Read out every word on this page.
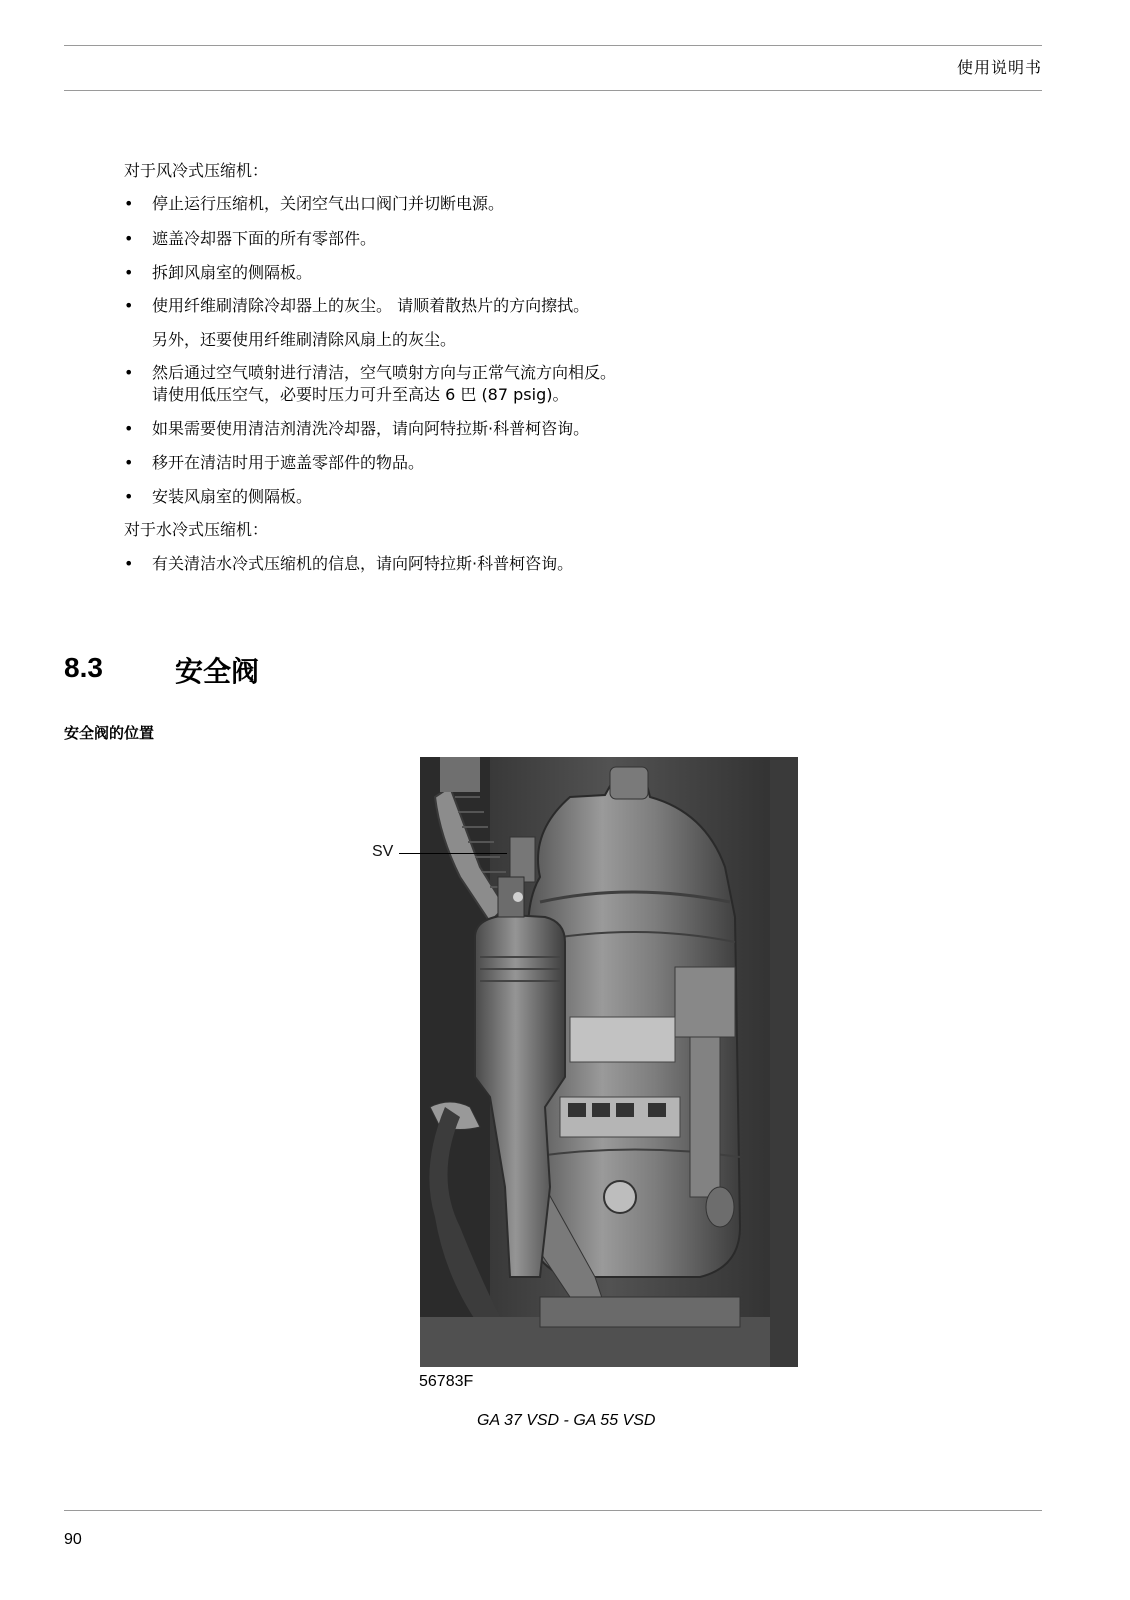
使用说明书
对于风冷式压缩机：
• 停止运行压缩机，关闭空气出口阀门并切断电源。
• 遮盖冷却器下面的所有零部件。
• 拆卸风扇室的侧隔板。
• 使用纤维刷清除冷却器上的灰尘。 请顺着散热片的方向擦拭。
另外，还要使用纤维刷清除风扇上的灰尘。
• 然后通过空气喷射进行清洁，空气喷射方向与正常气流方向相反。
请使用低压空气，必要时压力可升至高达 6 巴 (87 psig)。
• 如果需要使用清洁剂清洗冷却器，请向阿特拉斯·科普柯咨询。
• 移开在清洁时用于遮盖零部件的物品。
• 安装风扇室的侧隔板。
对于水冷式压缩机：
• 有关清洁水冷式压缩机的信息，请向阿特拉斯·科普柯咨询。
8.3	安全阀
安全阀的位置
SV
56783F
GA 37 VSD - GA 55 VSD
90
